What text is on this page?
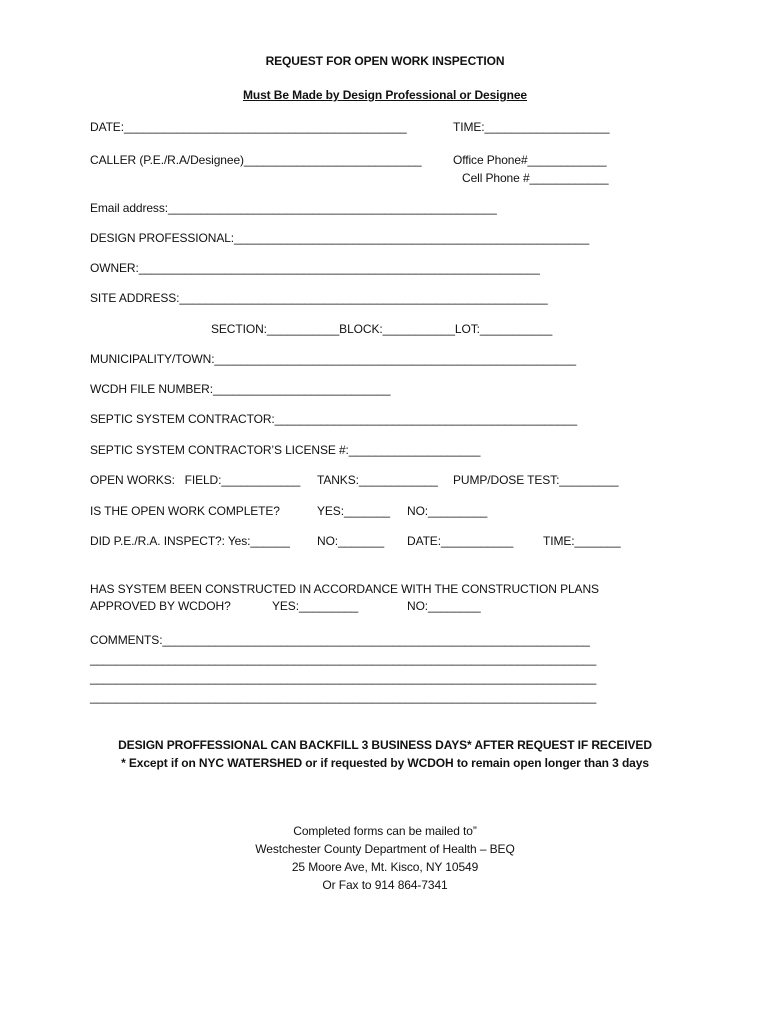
REQUEST FOR OPEN WORK INSPECTION
Must Be Made by Design Professional or Designee
DATE:___________________________________________	TIME:___________________
CALLER (P.E./R.A/Designee)___________________________	Office Phone#____________
Cell Phone #____________
Email address:__________________________________________________
DESIGN PROFESSIONAL:______________________________________________________
OWNER:_____________________________________________________________
SITE ADDRESS:________________________________________________________
SECTION:___________BLOCK:___________LOT:___________
MUNICIPALITY/TOWN:_______________________________________________________
WCDH FILE NUMBER:___________________________
SEPTIC SYSTEM CONTRACTOR:______________________________________________
SEPTIC SYSTEM CONTRACTOR’S LICENSE #:____________________
OPEN WORKS:   FIELD:____________ TANKS:____________ PUMP/DOSE TEST:_________
IS THE OPEN WORK COMPLETE?	YES:_______ NO:_________
DID P.E./R.A. INSPECT?: Yes:______ NO:_______ DATE:___________ TIME:_______
HAS SYSTEM BEEN CONSTRUCTED IN ACCORDANCE WITH THE CONSTRUCTION PLANS
APPROVED BY WCDOH?	YES:_________	NO:________
COMMENTS:_________________________________________________________________
_____________________________________________________________________________
_____________________________________________________________________________
_____________________________________________________________________________
DESIGN PROFFESSIONAL CAN BACKFILL 3 BUSINESS DAYS* AFTER REQUEST IF RECEIVED
* Except if on NYC WATERSHED or if requested by WCDOH to remain open longer than 3 days
Completed forms can be mailed to”
Westchester County Department of Health – BEQ
25 Moore Ave, Mt. Kisco, NY 10549
Or Fax to 914 864-7341
